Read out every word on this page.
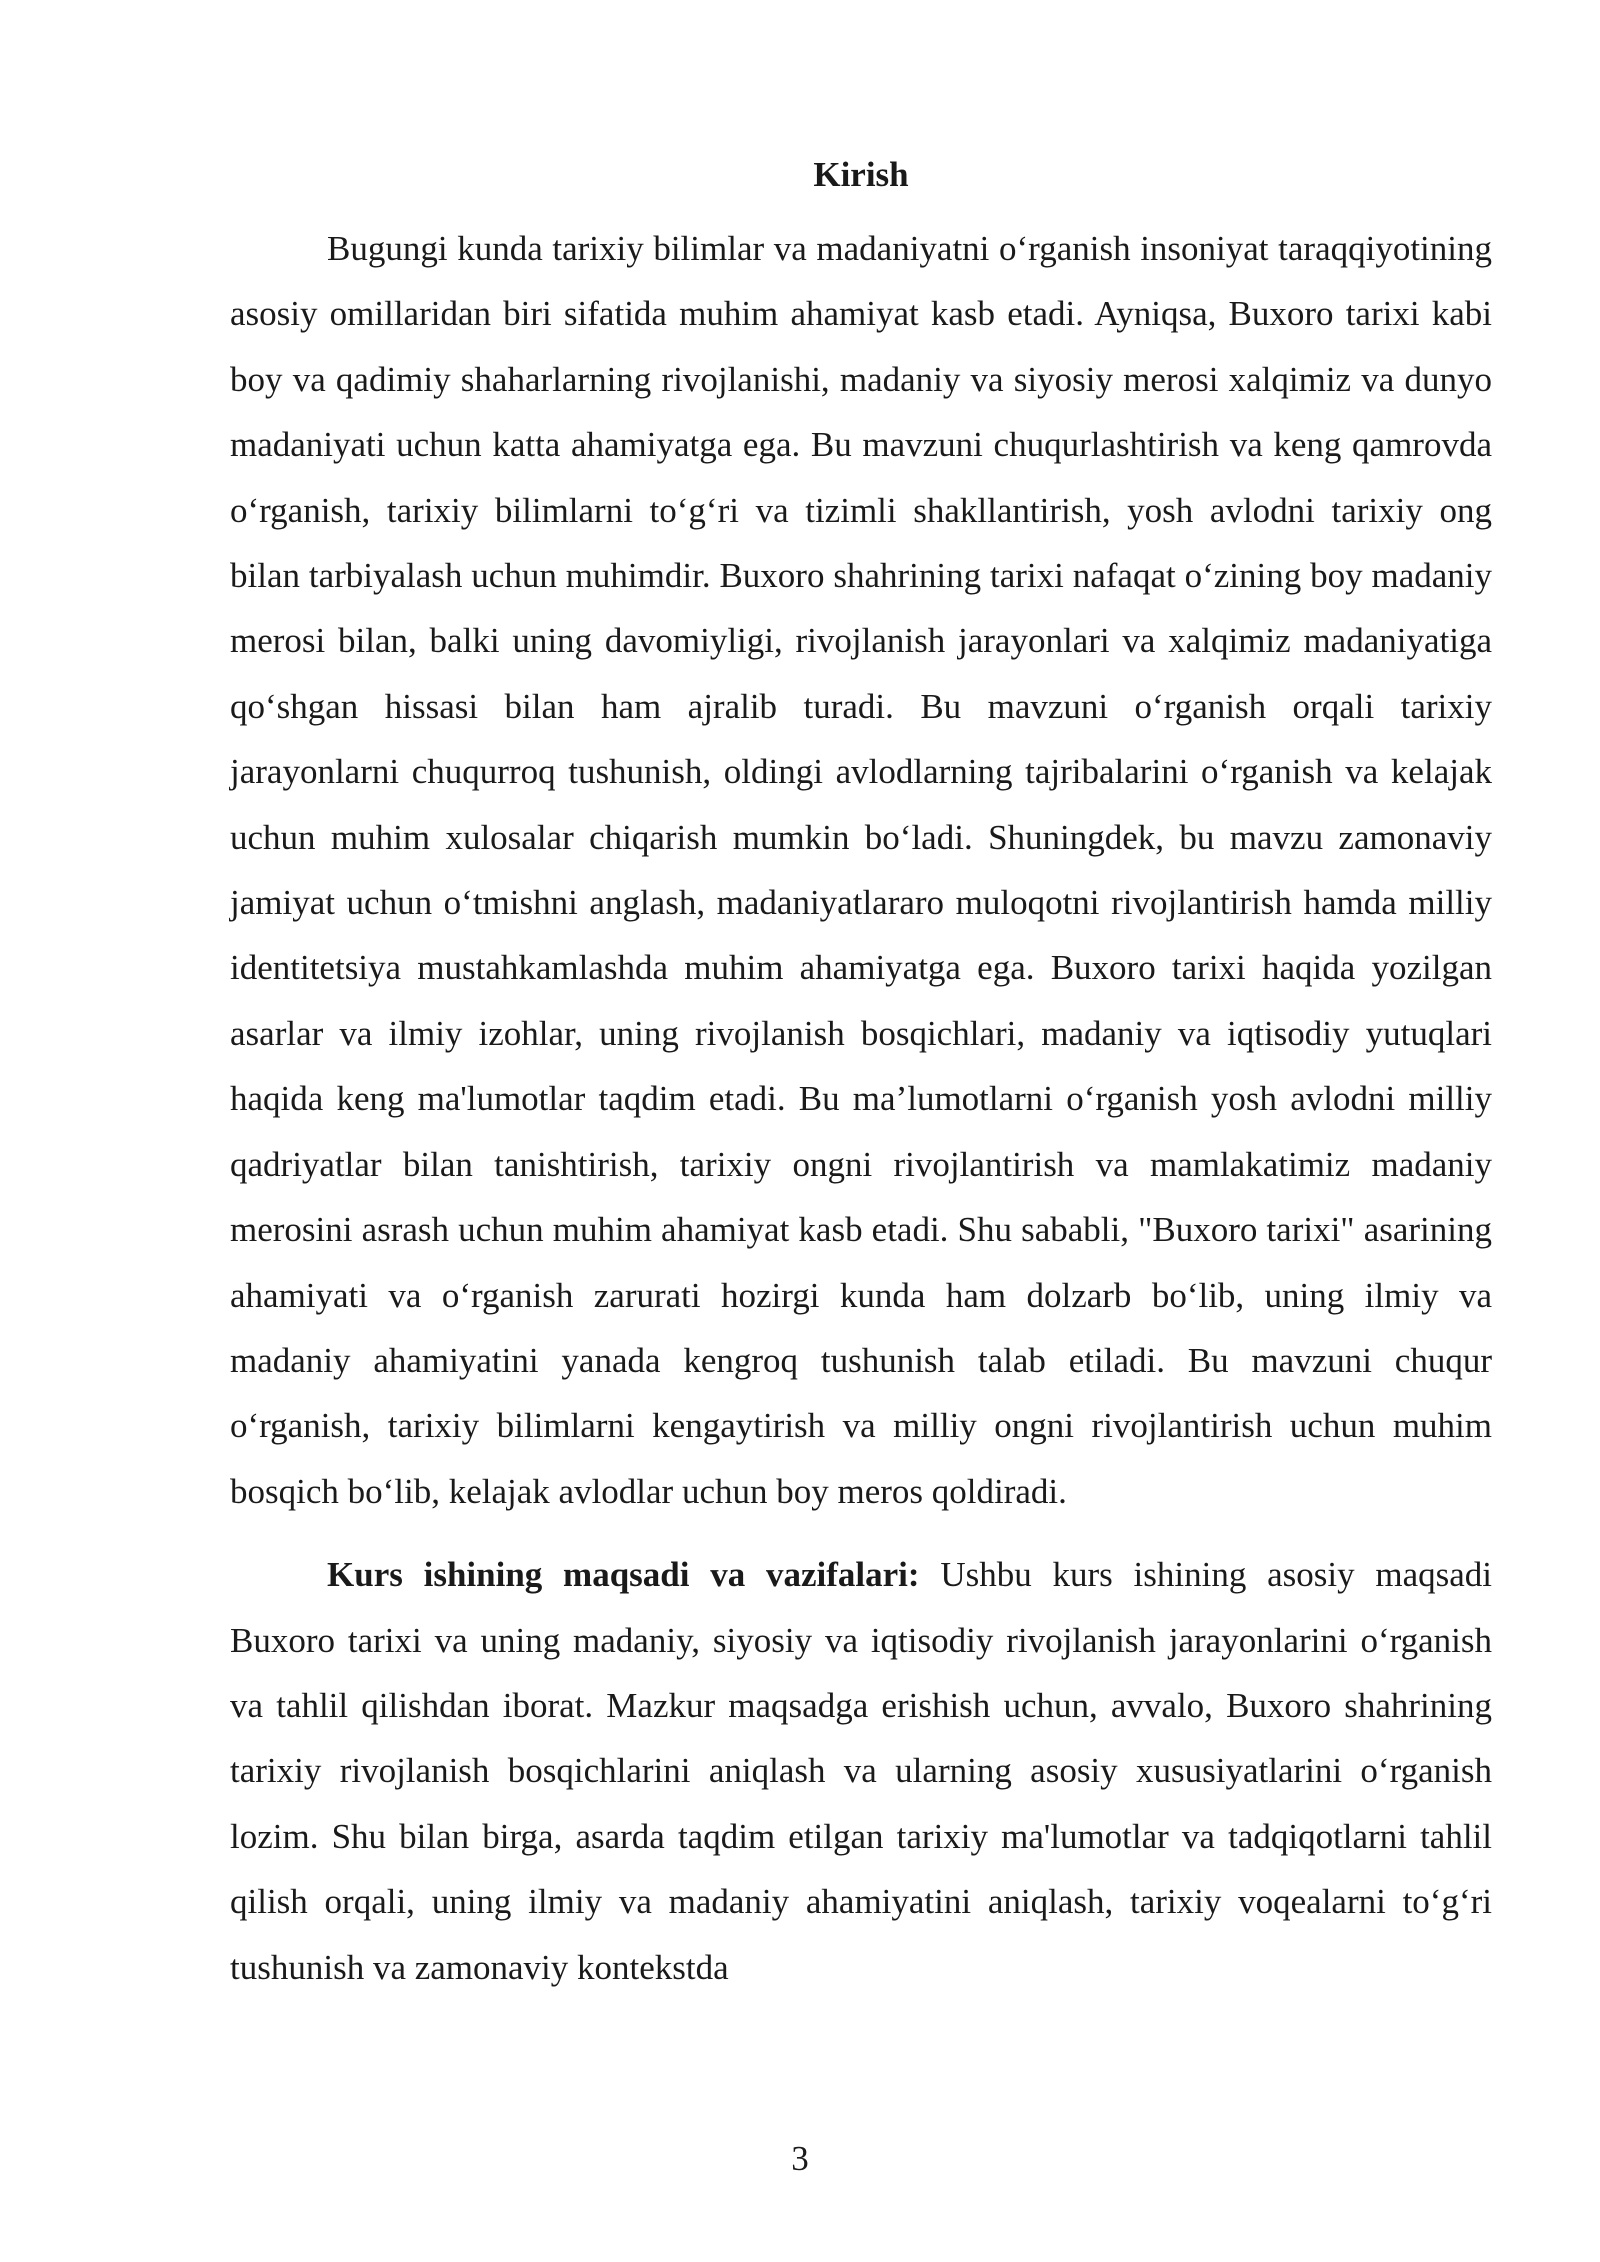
Kirish

Bugungi kunda tarixiy bilimlar va madaniyatni o‘rganish insoniyat taraqqiyotining asosiy omillaridan biri sifatida muhim ahamiyat kasb etadi. Ayniqsa, Buxoro tarixi kabi boy va qadimiy shaharlarning rivojlanishi, madaniy va siyosiy merosi xalqimiz va dunyo madaniyati uchun katta ahamiyatga ega. Bu mavzuni chuqurlashtirish va keng qamrovda o‘rganish, tarixiy bilimlarni to‘g‘ri va tizimli shakllantirish, yosh avlodni tarixiy ong bilan tarbiyalash uchun muhimdir. Buxoro shahrining tarixi nafaqat o‘zining boy madaniy merosi bilan, balki uning davomiyligi, rivojlanish jarayonlari va xalqimiz madaniyatiga qo‘shgan hissasi bilan ham ajralib turadi. Bu mavzuni o‘rganish orqali tarixiy jarayonlarni chuqurroq tushunish, oldingi avlodlarning tajribalarini o‘rganish va kelajak uchun muhim xulosalar chiqarish mumkin bo‘ladi. Shuningdek, bu mavzu zamonaviy jamiyat uchun o‘tmishni anglash, madaniyatlararo muloqotni rivojlantirish hamda milliy identitetsiya mustahkamlashda muhim ahamiyatga ega. Buxoro tarixi haqida yozilgan asarlar va ilmiy izohlar, uning rivojlanish bosqichlari, madaniy va iqtisodiy yutuqlari haqida keng ma'lumotlar taqdim etadi. Bu ma’lumotlarni o‘rganish yosh avlodni milliy qadriyatlar bilan tanishtirish, tarixiy ongni rivojlantirish va mamlakatimiz madaniy merosini asrash uchun muhim ahamiyat kasb etadi. Shu sababli, "Buxoro tarixi" asarining ahamiyati va o‘rganish zarurati hozirgi kunda ham dolzarb bo‘lib, uning ilmiy va madaniy ahamiyatini yanada kengroq tushunish talab etiladi. Bu mavzuni chuqur o‘rganish, tarixiy bilimlarni kengaytirish va milliy ongni rivojlantirish uchun muhim bosqich bo‘lib, kelajak avlodlar uchun boy meros qoldiradi.

Kurs ishining maqsadi va vazifalari: Ushbu kurs ishining asosiy maqsadi Buxoro tarixi va uning madaniy, siyosiy va iqtisodiy rivojlanish jarayonlarini o‘rganish va tahlil qilishdan iborat. Mazkur maqsadga erishish uchun, avvalo, Buxoro shahrining tarixiy rivojlanish bosqichlarini aniqlash va ularning asosiy xususiyatlarini o‘rganish lozim. Shu bilan birga, asarda taqdim etilgan tarixiy ma'lumotlar va tadqiqotlarni tahlil qilish orqali, uning ilmiy va madaniy ahamiyatini aniqlash, tarixiy voqealarni to‘g‘ri tushunish va zamonaviy kontekstda

3
